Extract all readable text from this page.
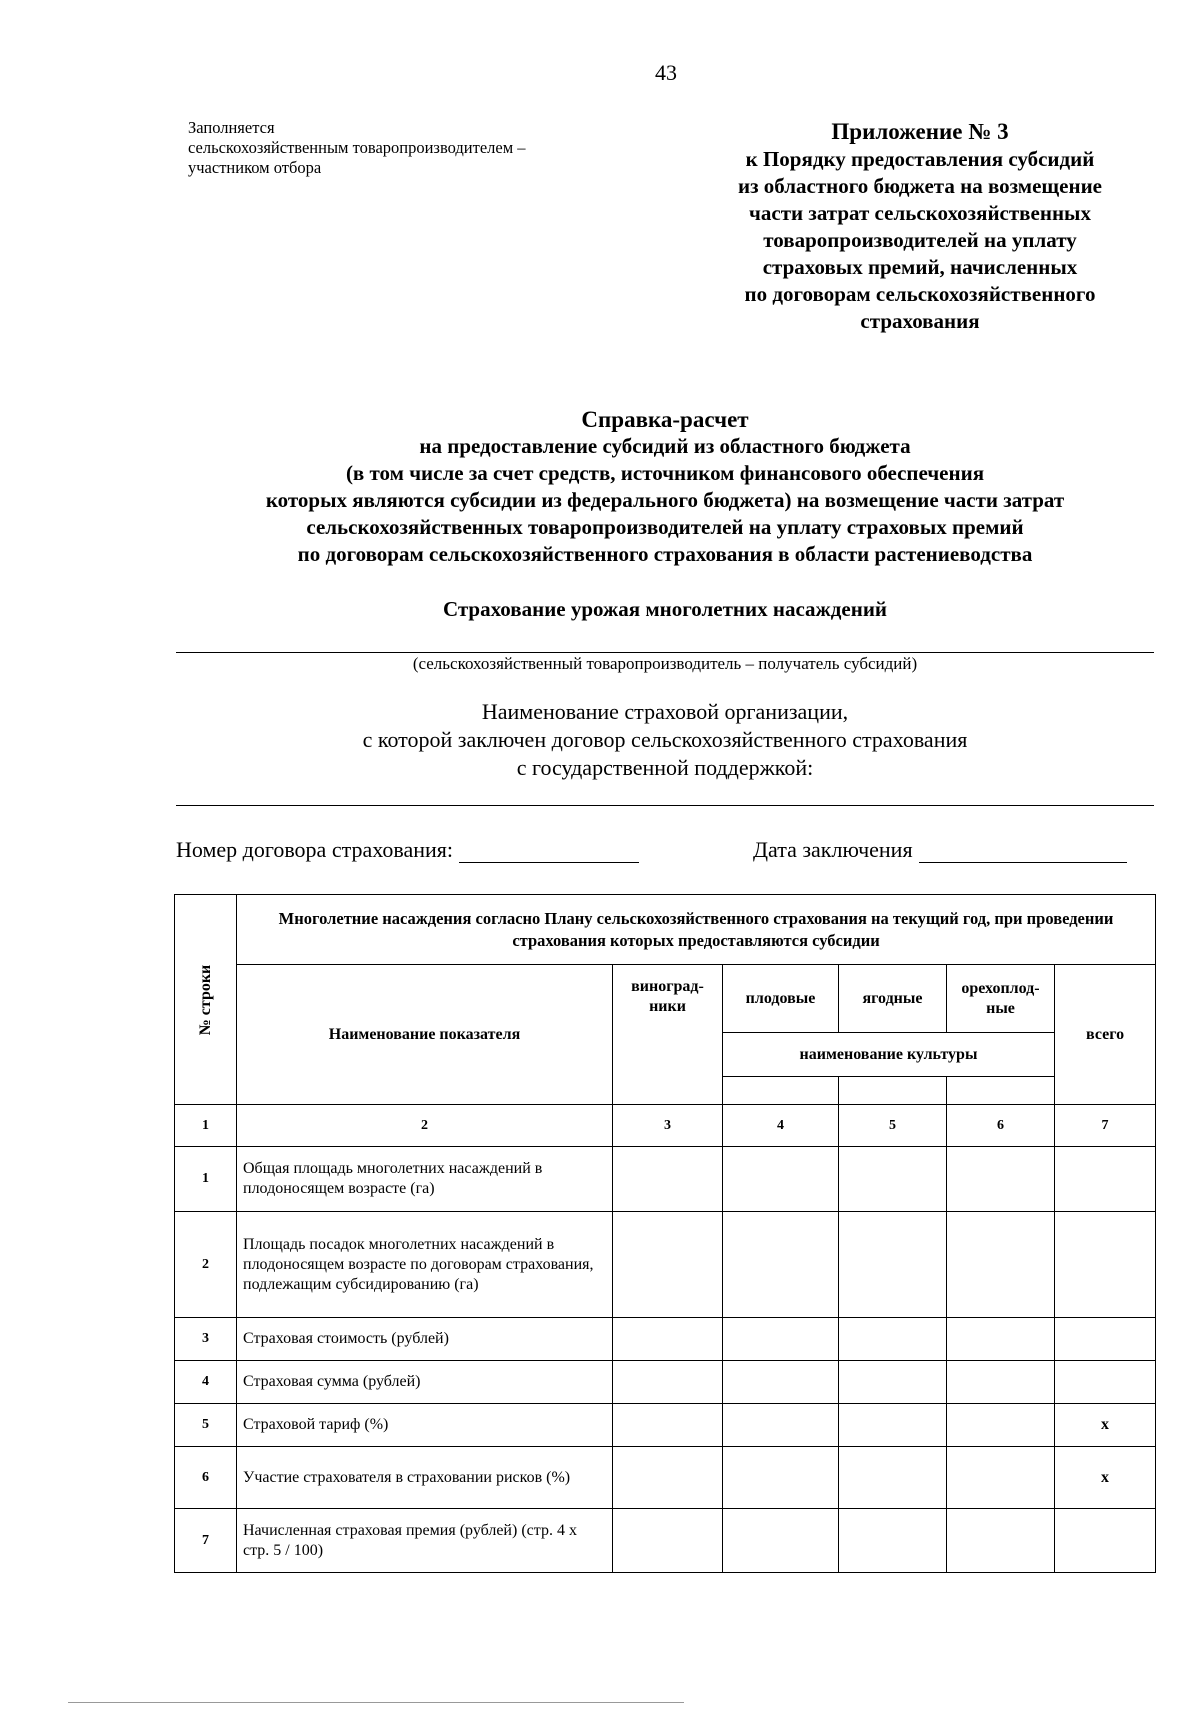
43
Заполняется
сельскохозяйственным товаропроизводителем –
участником отбора
Приложение № 3
к Порядку предоставления субсидий
из областного бюджета на возмещение
части затрат сельскохозяйственных
товаропроизводителей на уплату
страховых премий, начисленных
по договорам сельскохозяйственного
страхования
Справка-расчет
на предоставление субсидий из областного бюджета
(в том числе за счет средств, источником финансового обеспечения
которых являются субсидии из федерального бюджета) на возмещение части затрат
сельскохозяйственных товаропроизводителей на уплату страховых премий
по договорам сельскохозяйственного страхования в области растениеводства
Страхование урожая многолетних насаждений
(сельскохозяйственный товаропроизводитель – получатель субсидий)
Наименование страховой организации,
с которой заключен договор сельскохозяйственного страхования
с государственной поддержкой:
Номер договора страхования:	Дата заключения
№ строки	Многолетние насаждения согласно Плану сельскохозяйственного страхования на текущий год, при проведении страхования которых предоставляются субсидии					
	Наименование показателя	виноград-ники	плодовые	ягодные	орехоплод-ные	всего
			наименование культуры			

1	2	3	4	5	6	7
1	Общая площадь многолетних насаждений в плодоносящем возрасте (га)					
2	Площадь посадок многолетних насаждений в плодоносящем возрасте по договорам страхования, подлежащим субсидированию (га)					
3	Страховая стоимость (рублей)					
4	Страховая сумма (рублей)					
5	Страховой тариф (%)					х
6	Участие страхователя в страховании рисков (%)					х
7	Начисленная страховая премия (рублей) (стр. 4 х стр. 5 / 100)					
